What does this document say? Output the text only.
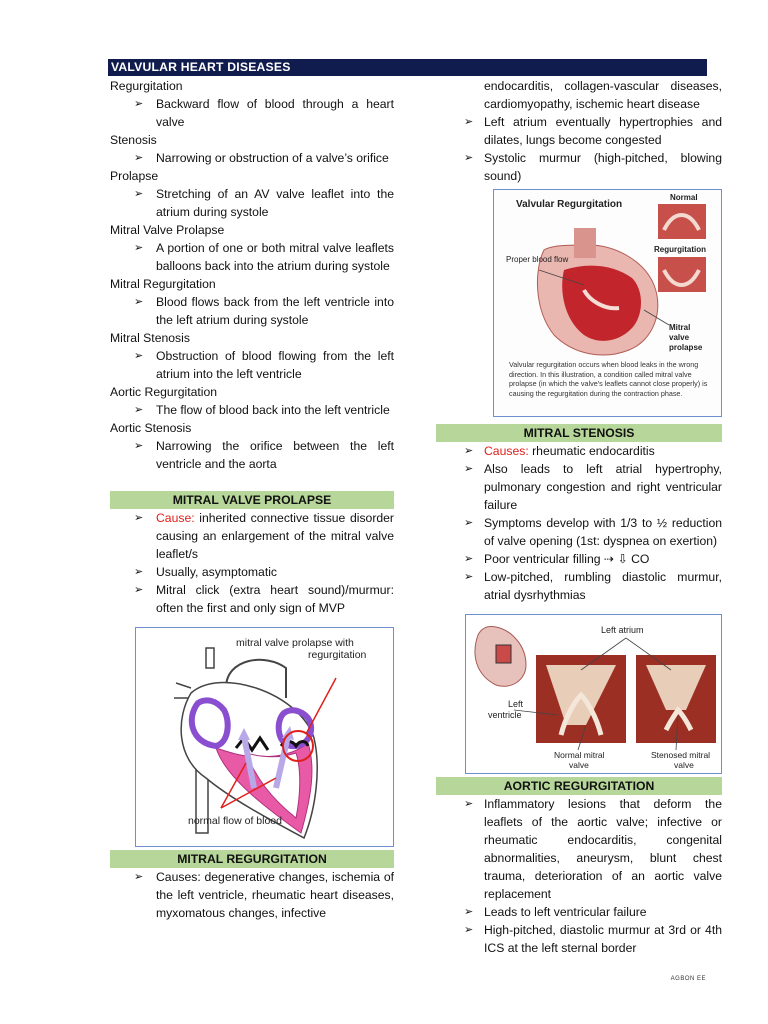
VALVULAR HEART DISEASES

Regurgitation

➢ Backward flow of blood through a heart valve

Stenosis

➢ Narrowing or obstruction of a valve’s orifice

Prolapse

➢ Stretching of an AV valve leaflet into the atrium during systole

Mitral Valve Prolapse

➢ A portion of one or both mitral valve leaflets balloons back into the atrium during systole

Mitral Regurgitation

➢ Blood flows back from the left ventricle into the left atrium during systole

Mitral Stenosis

➢ Obstruction of blood flowing from the left atrium into the left ventricle

Aortic Regurgitation

➢ The flow of blood back into the left ventricle

Aortic Stenosis

➢ Narrowing the orifice between the left ventricle and the aorta

MITRAL VALVE PROLAPSE

➢ Cause: inherited connective tissue disorder causing an enlargement of the mitral valve leaflet/s

➢ Usually, asymptomatic

➢ Mitral click (extra heart sound)/murmur: often the first and only sign of MVP

mitral valve prolapse with
regurgitation
normal flow of blood

MITRAL REGURGITATION

➢ Causes: degenerative changes, ischemia of the left ventricle, rheumatic heart diseases, myxomatous changes, infective

endocarditis, collagen-vascular diseases, cardiomyopathy, ischemic heart disease

➢ Left atrium eventually hypertrophies and dilates, lungs become congested

➢ Systolic murmur (high-pitched, blowing sound)

Valvular Regurgitation
Normal
Regurgitation
Proper blood flow
Mitral
valve
prolapse
Valvular regurgitation occurs when blood leaks in the wrong direction. In this illustration, a condition called mitral valve prolapse (in which the valve's leaflets cannot close properly) is causing the regurgitation during the contraction phase.

MITRAL STENOSIS

➢ Causes: rheumatic endocarditis

➢ Also leads to left atrial hypertrophy, pulmonary congestion and right ventricular failure

➢ Symptoms develop with 1/3 to ½ reduction of valve opening (1st: dyspnea on exertion)

➢ Poor ventricular filling ⇢ ⇩ CO

➢ Low-pitched, rumbling diastolic murmur, atrial dysrhythmias

Left atrium
Left
ventricle
Normal mitral
valve
Stenosed mitral
valve

AORTIC REGURGITATION

➢ Inflammatory lesions that deform the leaflets of the aortic valve; infective or rheumatic endocarditis, congenital abnormalities, aneurysm, blunt chest trauma, deterioration of an aortic valve replacement

➢ Leads to left ventricular failure

➢ High-pitched, diastolic murmur at 3rd or 4th ICS at the left sternal border

AGBON EE
